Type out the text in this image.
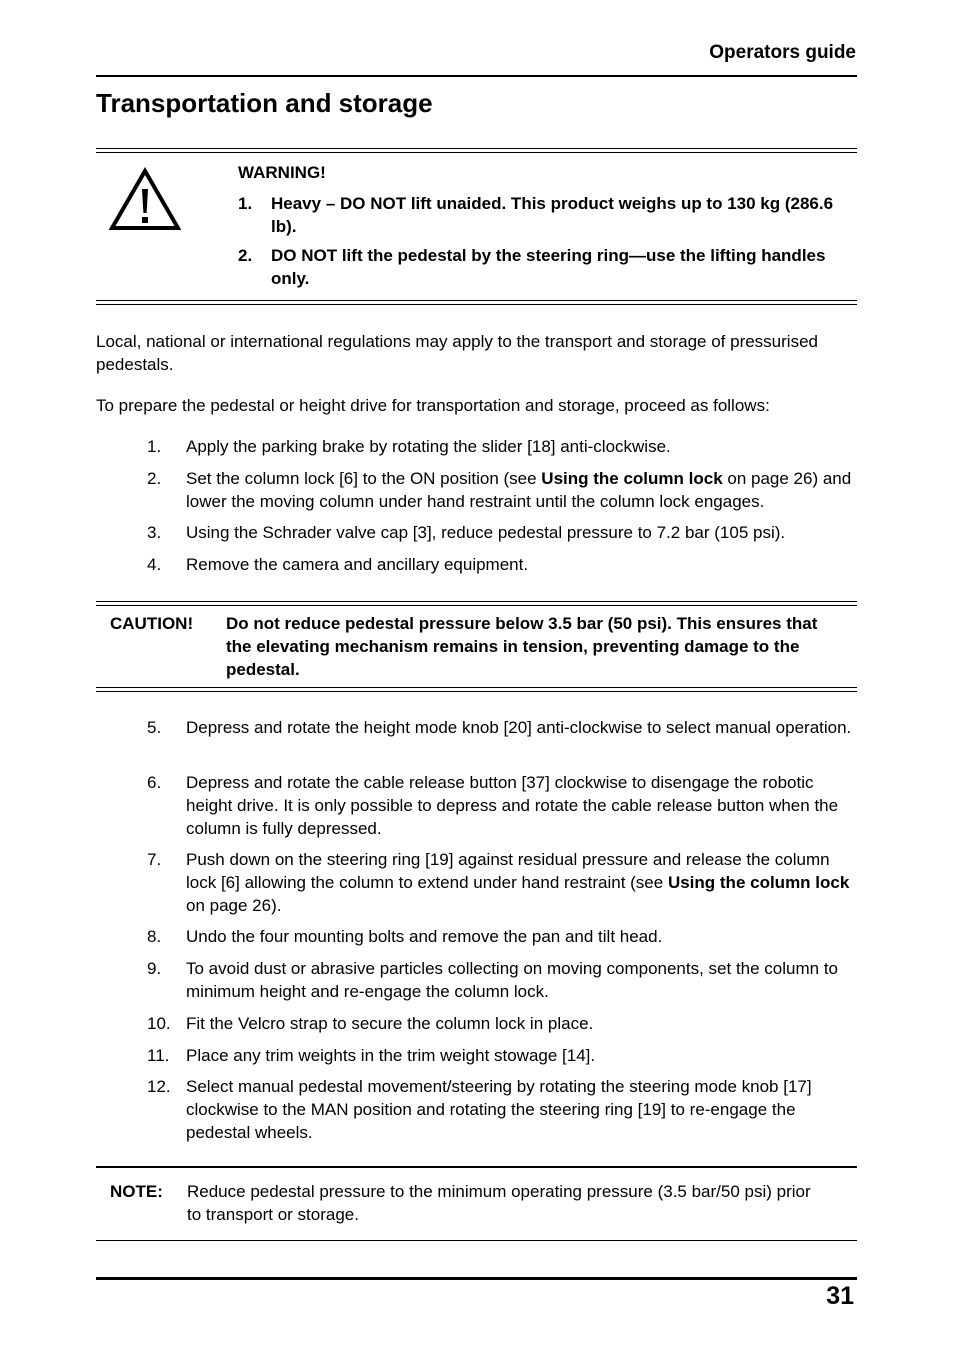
Operators guide
Transportation and storage
WARNING!
1. Heavy – DO NOT lift unaided. This product weighs up to 130 kg (286.6 lb).
2. DO NOT lift the pedestal by the steering ring—use the lifting handles only.
Local, national or international regulations may apply to the transport and storage of pressurised pedestals.
To prepare the pedestal or height drive for transportation and storage, proceed as follows:
1. Apply the parking brake by rotating the slider [18] anti-clockwise.
2. Set the column lock [6] to the ON position (see Using the column lock on page 26) and lower the moving column under hand restraint until the column lock engages.
3. Using the Schrader valve cap [3], reduce pedestal pressure to 7.2 bar (105 psi).
4. Remove the camera and ancillary equipment.
CAUTION! Do not reduce pedestal pressure below 3.5 bar (50 psi). This ensures that the elevating mechanism remains in tension, preventing damage to the pedestal.
5. Depress and rotate the height mode knob [20] anti-clockwise to select manual operation.
6. Depress and rotate the cable release button [37] clockwise to disengage the robotic height drive. It is only possible to depress and rotate the cable release button when the column is fully depressed.
7. Push down on the steering ring [19] against residual pressure and release the column lock [6] allowing the column to extend under hand restraint (see Using the column lock on page 26).
8. Undo the four mounting bolts and remove the pan and tilt head.
9. To avoid dust or abrasive particles collecting on moving components, set the column to minimum height and re-engage the column lock.
10. Fit the Velcro strap to secure the column lock in place.
11. Place any trim weights in the trim weight stowage [14].
12. Select manual pedestal movement/steering by rotating the steering mode knob [17] clockwise to the MAN position and rotating the steering ring [19] to re-engage the pedestal wheels.
NOTE: Reduce pedestal pressure to the minimum operating pressure (3.5 bar/50 psi) prior to transport or storage.
31
